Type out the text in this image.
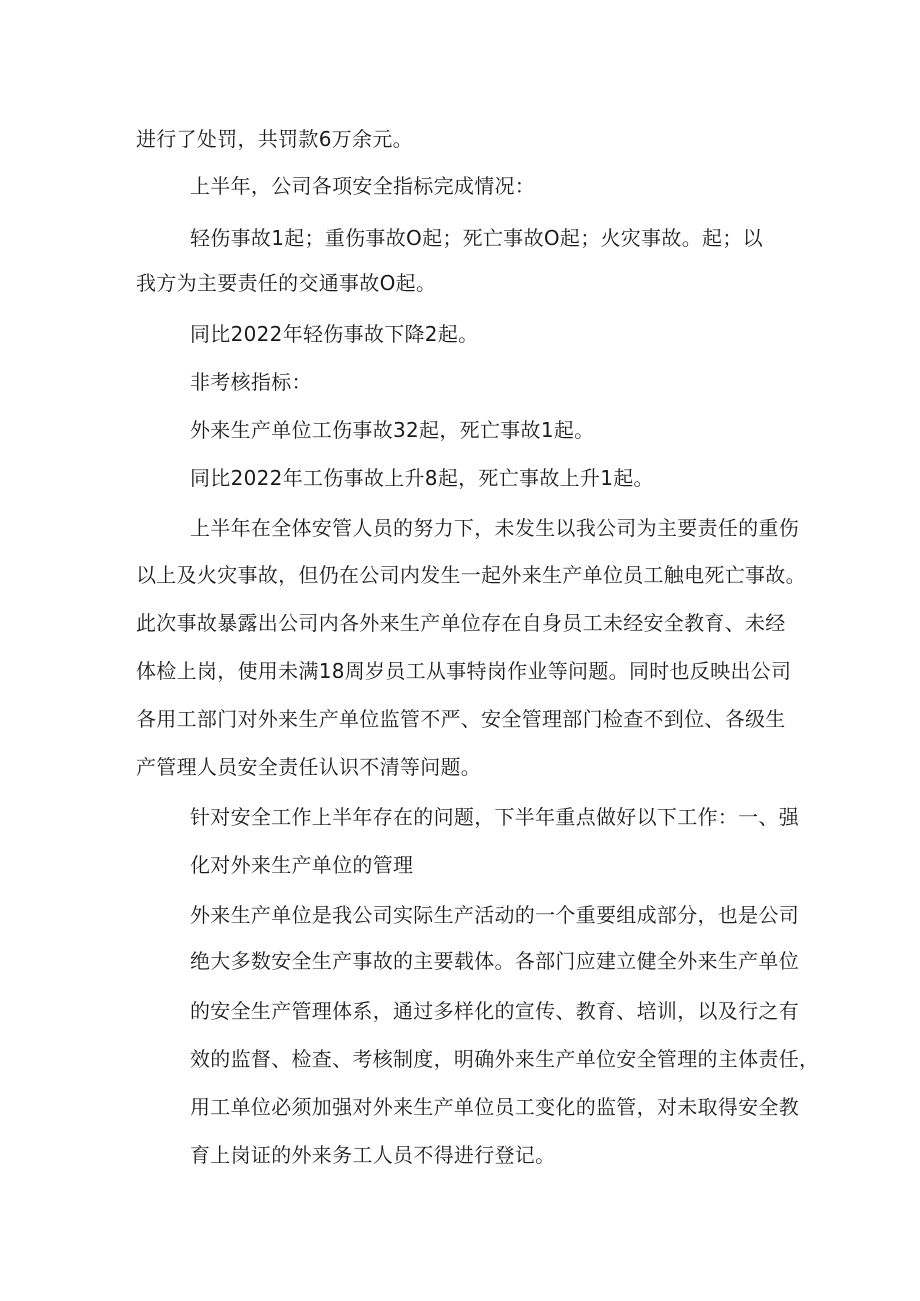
进行了处罚，共罚款6万余元。
上半年，公司各项安全指标完成情况：
轻伤事故1起；重伤事故O起；死亡事故O起；火灾事故。起；以
我方为主要责任的交通事故O起。
同比2022年轻伤事故下降2起。
非考核指标：
外来生产单位工伤事故32起，死亡事故1起。
同比2022年工伤事故上升8起，死亡事故上升1起。
上半年在全体安管人员的努力下，未发生以我公司为主要责任的重伤
以上及火灾事故，但仍在公司内发生一起外来生产单位员工触电死亡事故。
此次事故暴露出公司内各外来生产单位存在自身员工未经安全教育、未经
体检上岗，使用未满18周岁员工从事特岗作业等问题。同时也反映出公司
各用工部门对外来生产单位监管不严、安全管理部门检查不到位、各级生
产管理人员安全责任认识不清等问题。
针对安全工作上半年存在的问题，下半年重点做好以下工作：一、强
化对外来生产单位的管理
外来生产单位是我公司实际生产活动的一个重要组成部分，也是公司
绝大多数安全生产事故的主要载体。各部门应建立健全外来生产单位
的安全生产管理体系，通过多样化的宣传、教育、培训，以及行之有
效的监督、检查、考核制度，明确外来生产单位安全管理的主体责任，
用工单位必须加强对外来生产单位员工变化的监管，对未取得安全教
育上岗证的外来务工人员不得进行登记。
